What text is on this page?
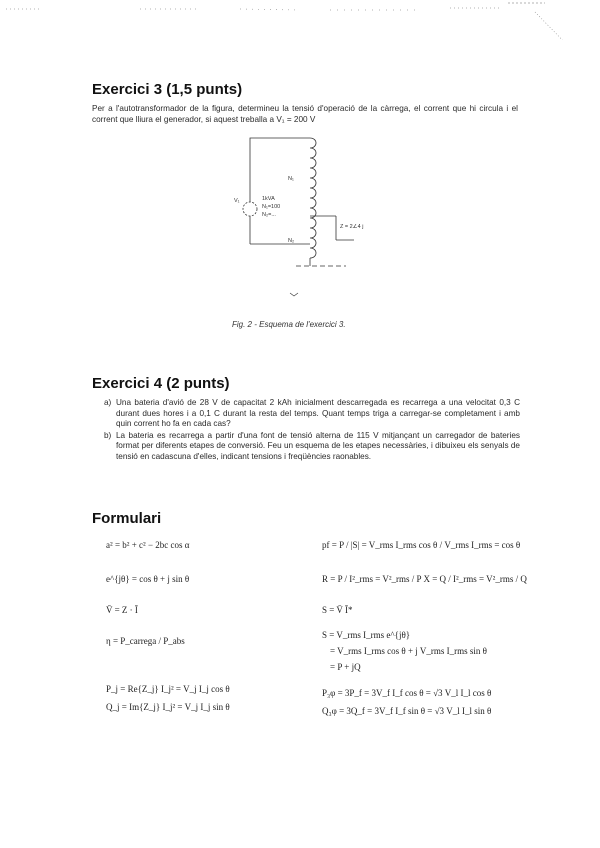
Exercici 3 (1,5 punts)

Per a l'autotransformador de la figura, determineu la tensió d'operació de la càrrega, el corrent que hi circula i el corrent que lliura el generador, si aquest treballa a V₁ = 200 V

V₁	1kVA
N₁=100
N₂=...
N₁
N₂
Z = 2∠4 j
Fig. 2 - Esquema de l'exercici 3.
Exercici 4 (2 punts)
a) Una bateria d'avió de 28 V de capacitat 2 kAh inicialment descarregada es recarrega a una velocitat 0,3 C durant dues hores i a 0,1 C durant la resta del temps. Quant temps triga a carregar-se completament i amb quin corrent ho fa en cada cas?
b) La bateria es recarrega a partir d'una font de tensió alterna de 115 V mitjançant un carregador de bateries format per diferents etapes de conversió. Feu un esquema de les etapes necessàries, i dibuixeu els senyals de tensió en cadascuna d'elles, indicant tensions i freqüències raonables.
Formulari
a² = b² + c² − 2bc cos α
e^{jθ} = cos θ + j sin θ
V̄ = Z · Ī
η = P_carrega / P_abs
P_j = Re{Z_j} I_j² = V_j I_j cos θ
Q_j = Im{Z_j} I_j² = V_j I_j sin θ
pf = P / |S| = V_rms I_rms cos θ / V_rms I_rms = cos θ
R = P / I²_rms = V²_rms / P X = Q / I²_rms = V²_rms / Q
S = V̄ Ī*
S = V_rms I_rms e^{jθ}
= V_rms I_rms cos θ + j V_rms I_rms sin θ
= P + jQ
P₃φ = 3P_f = 3V_f I_f cos θ = √3 V_l I_l cos θ
Q₃φ = 3Q_f = 3V_f I_f sin θ = √3 V_l I_l sin θ
